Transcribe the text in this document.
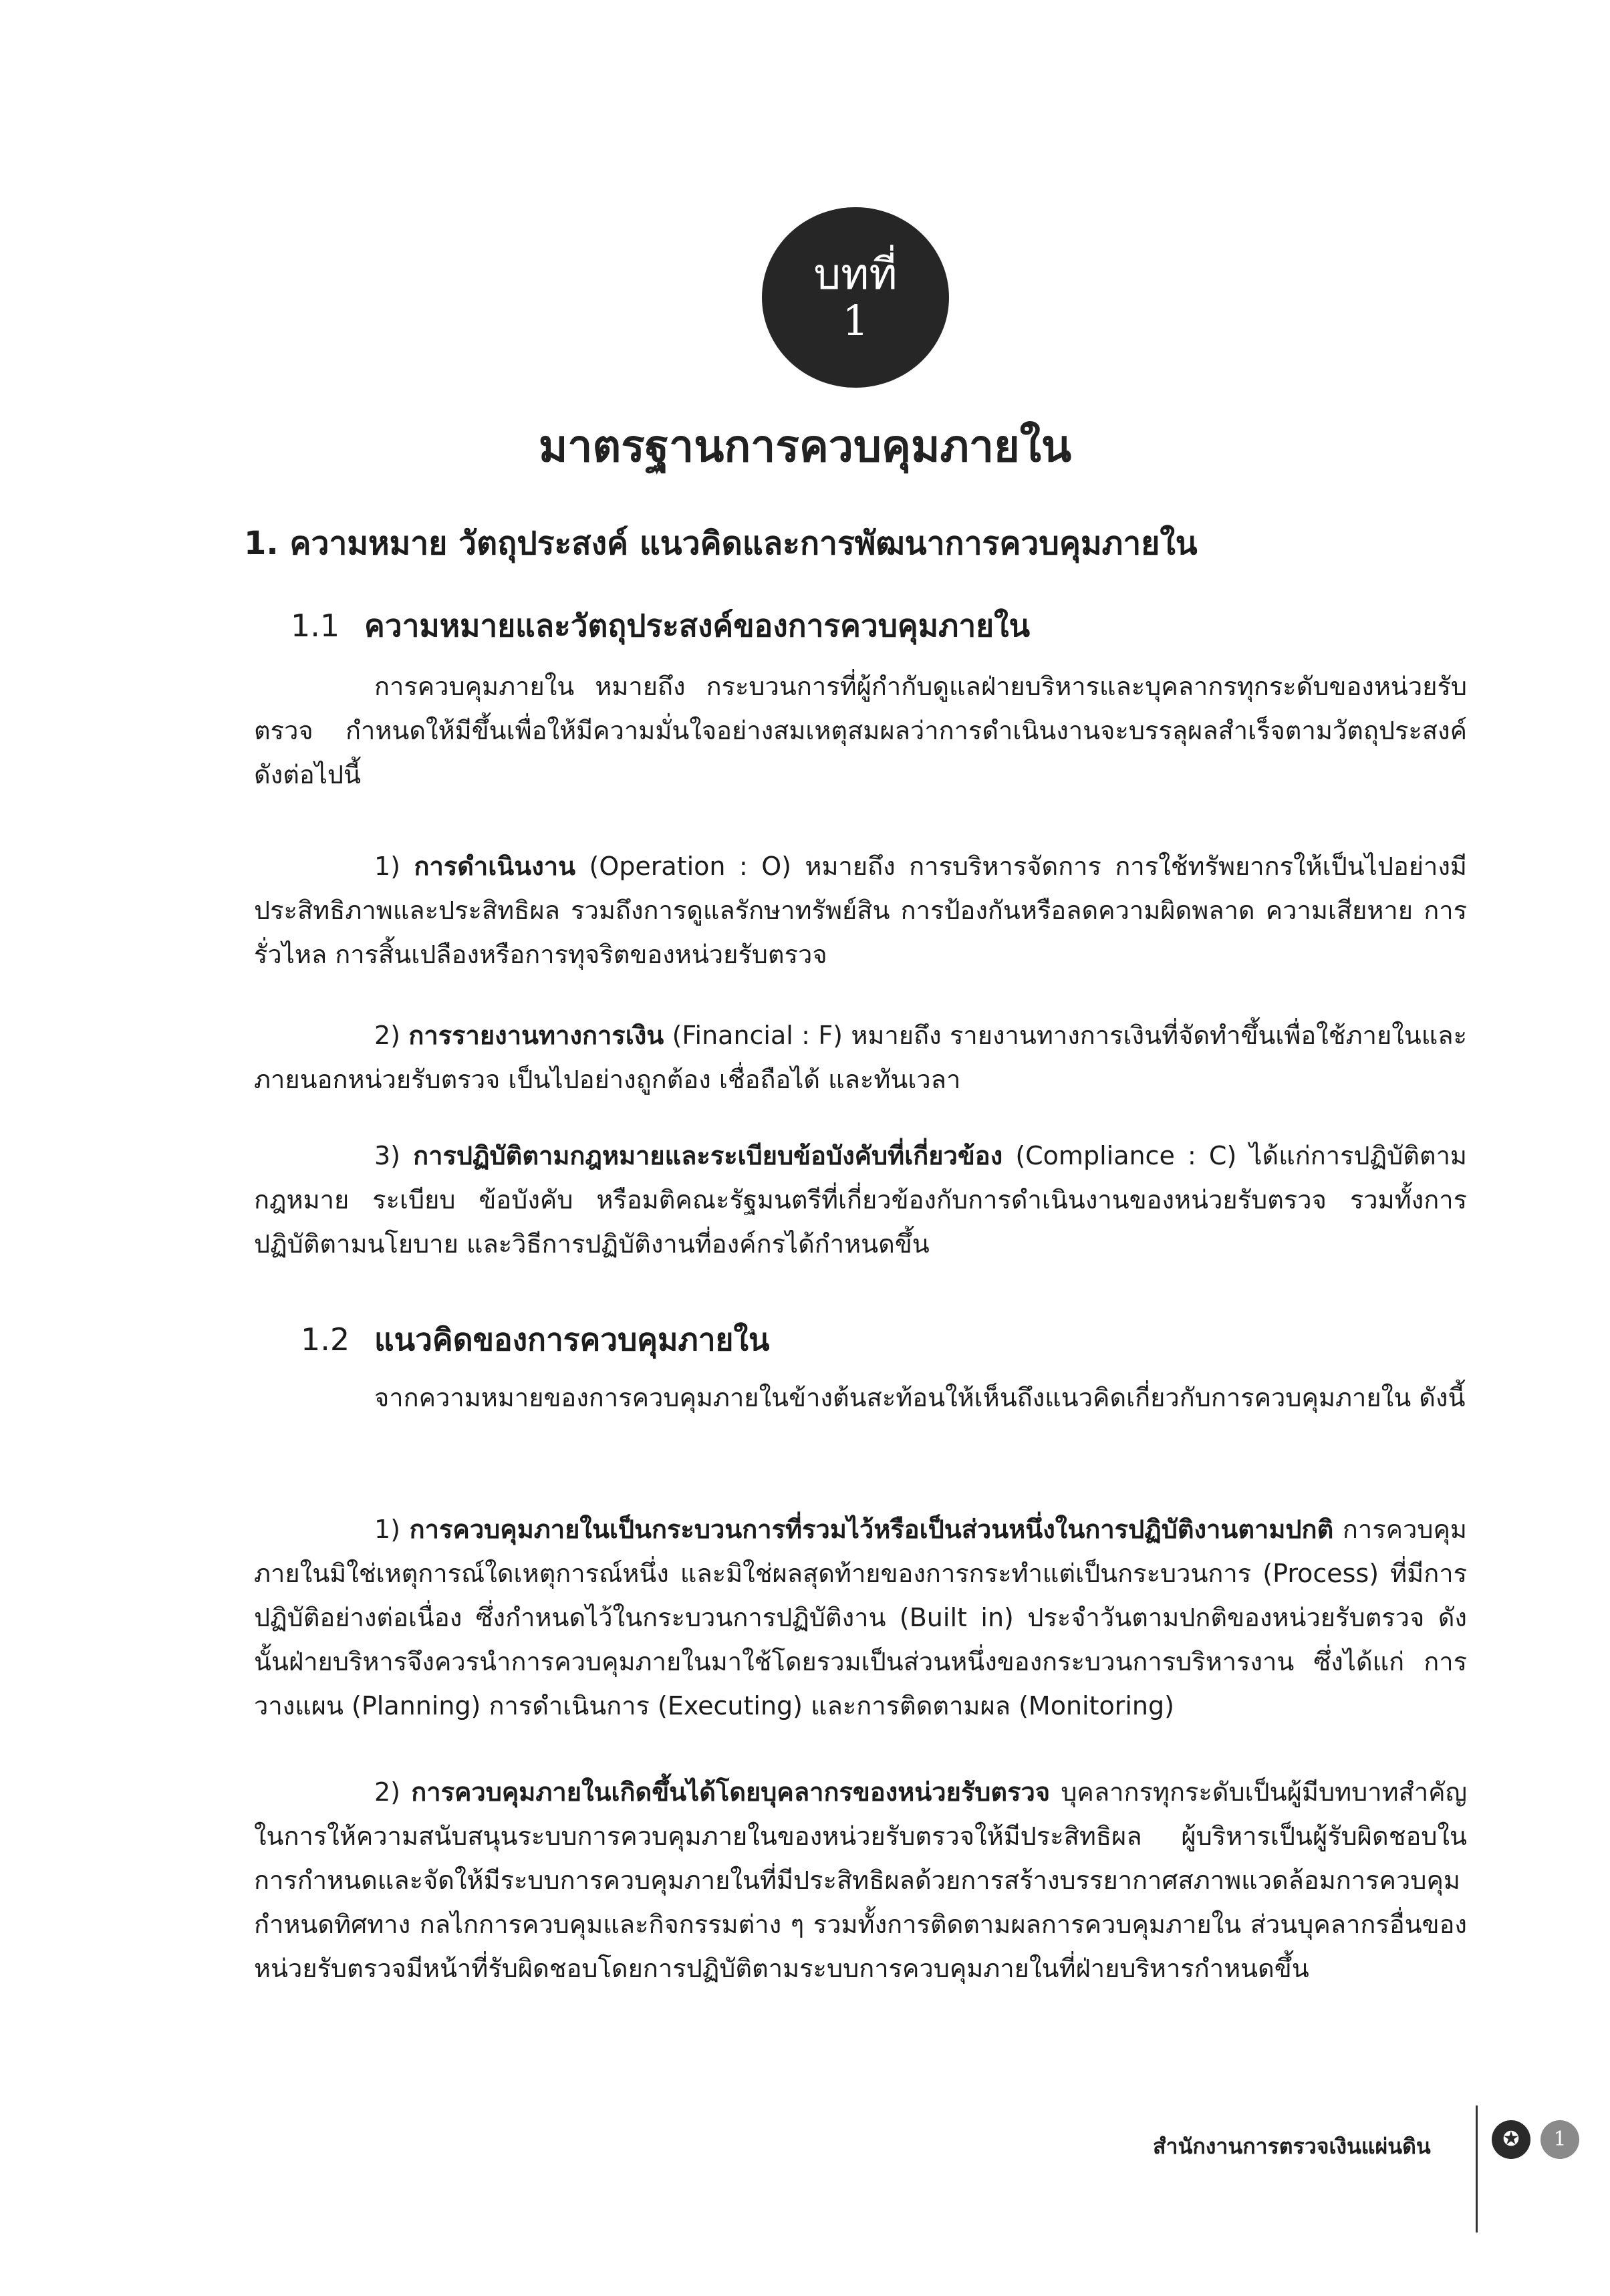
บทที่
1
มาตรฐานการควบคุมภายใน
1. ความหมาย วัตถุประสงค์ แนวคิดและการพัฒนาการควบคุมภายใน
1.1 ความหมายและวัตถุประสงค์ของการควบคุมภายใน
การควบคุมภายใน หมายถึง กระบวนการที่ผู้กำกับดูแลฝ่ายบริหารและบุคลากรทุกระดับของหน่วยรับตรวจ กำหนดให้มีขึ้นเพื่อให้มีความมั่นใจอย่างสมเหตุสมผลว่าการดำเนินงานจะบรรลุผลสำเร็จตามวัตถุประสงค์ ดังต่อไปนี้
1) การดำเนินงาน (Operation : O) หมายถึง การบริหารจัดการ การใช้ทรัพยากรให้เป็นไปอย่างมีประสิทธิภาพและประสิทธิผล รวมถึงการดูแลรักษาทรัพย์สิน การป้องกันหรือลดความผิดพลาด ความเสียหาย การรั่วไหล การสิ้นเปลืองหรือการทุจริตของหน่วยรับตรวจ
2) การรายงานทางการเงิน (Financial : F) หมายถึง รายงานทางการเงินที่จัดทำขึ้นเพื่อใช้ภายในและภายนอกหน่วยรับตรวจ เป็นไปอย่างถูกต้อง เชื่อถือได้ และทันเวลา
3) การปฏิบัติตามกฎหมายและระเบียบข้อบังคับที่เกี่ยวข้อง (Compliance : C) ได้แก่การปฏิบัติตามกฎหมาย ระเบียบ ข้อบังคับ หรือมติคณะรัฐมนตรีที่เกี่ยวข้องกับการดำเนินงานของหน่วยรับตรวจ รวมทั้งการปฏิบัติตามนโยบาย และวิธีการปฏิบัติงานที่องค์กรได้กำหนดขึ้น
1.2 แนวคิดของการควบคุมภายใน
จากความหมายของการควบคุมภายในข้างต้นสะท้อนให้เห็นถึงแนวคิดเกี่ยวกับการควบคุมภายใน ดังนี้
1) การควบคุมภายในเป็นกระบวนการที่รวมไว้หรือเป็นส่วนหนึ่งในการปฏิบัติงานตามปกติ การควบคุมภายในมิใช่เหตุการณ์ใดเหตุการณ์หนึ่ง และมิใช่ผลสุดท้ายของการกระทำแต่เป็นกระบวนการ (Process) ที่มีการปฏิบัติอย่างต่อเนื่อง ซึ่งกำหนดไว้ในกระบวนการปฏิบัติงาน (Built in) ประจำวันตามปกติของหน่วยรับตรวจ ดังนั้นฝ่ายบริหารจึงควรนำการควบคุมภายในมาใช้โดยรวมเป็นส่วนหนึ่งของกระบวนการบริหารงาน ซึ่งได้แก่ การวางแผน (Planning) การดำเนินการ (Executing) และการติดตามผล (Monitoring)
2) การควบคุมภายในเกิดขึ้นได้โดยบุคลากรของหน่วยรับตรวจ บุคลากรทุกระดับเป็นผู้มีบทบาทสำคัญในการให้ความสนับสนุนระบบการควบคุมภายในของหน่วยรับตรวจให้มีประสิทธิผล ผู้บริหารเป็นผู้รับผิดชอบในการกำหนดและจัดให้มีระบบการควบคุมภายในที่มีประสิทธิผลด้วยการสร้างบรรยากาศสภาพแวดล้อมการควบคุม กำหนดทิศทาง กลไกการควบคุมและกิจกรรมต่าง ๆ รวมทั้งการติดตามผลการควบคุมภายใน ส่วนบุคลากรอื่นของหน่วยรับตรวจมีหน้าที่รับผิดชอบโดยการปฏิบัติตามระบบการควบคุมภายในที่ฝ่ายบริหารกำหนดขึ้น
สำนักงานการตรวจเงินแผ่นดิน	✪	1
